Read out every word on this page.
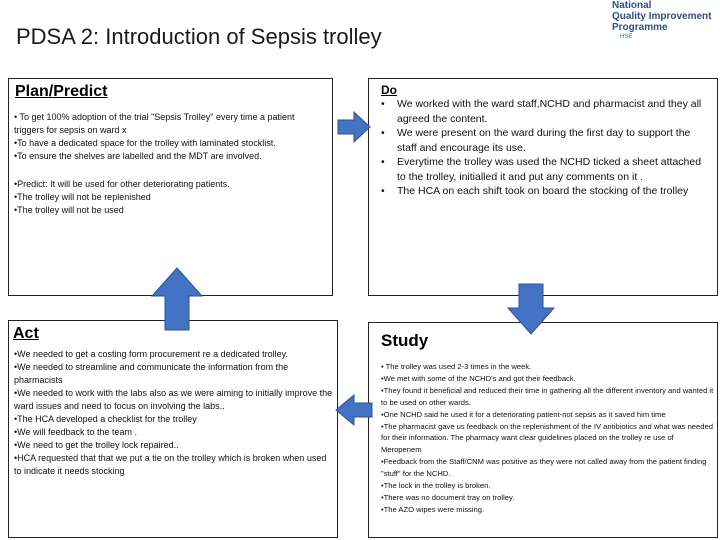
PDSA 2: Introduction of Sepsis trolley
National
Quality Improvement
Programme
HSE
Plan/Predict

• To get 100% adoption of the trial "Sepsis Trolley" every time a patient triggers for sepsis on ward x

•To have a dedicated space for the trolley with laminated stocklist.

•To ensure the shelves are labelled and the MDT are involved.

•Predict: It will be used for other deteriorating patients.

•The trolley will not be replenished

•The trolley will not be used

Do
• We worked with the ward staff,NCHD and pharmacist and they all agreed the content.
• We were present on the ward during the first day to support the staff and encourage its use.
• Everytime the trolley was used the NCHD ticked a sheet attached to the trolley, initialled it and put any comments on it .
• The HCA on each shift took on board the stocking of the trolley
Act

•We needed to get a costing form procurement re a dedicated trolley.

•We needed to streamline and communicate the information from the pharmacists

•We needed to work with the labs also as we were aiming to initially improve the ward issues and need to focus on involving the labs..

•The HCA developed a checklist for the trolley

•We will feedback to the team .

•We need to get the trolley lock repaired..

•HCA requested that that we put a tie on the trolley which is broken when used to indicate it needs stocking

Study

• The trolley was used 2-3 times in the week.

•We met with some of the NCHD's and got their feedback.

•They found it beneficial and reduced their time in gathering all the different inventory and wanted it to be used on other wards.

•One NCHD said he used it for a deteriorating patient-not sepsis as it saved him time

•The pharmacist gave us feedback on the replenishment of the IV antibiotics and what was needed for their information. The pharmacy want clear guidelines placed on the trolley re use of Meropenem

•Feedback from the Staff/CNM was positive as they were not called away from the patient finding "stuff" for the NCHD.

•The lock in the trolley is broken.

•There was no document tray on trolley.

•The AZO wipes were missing.
